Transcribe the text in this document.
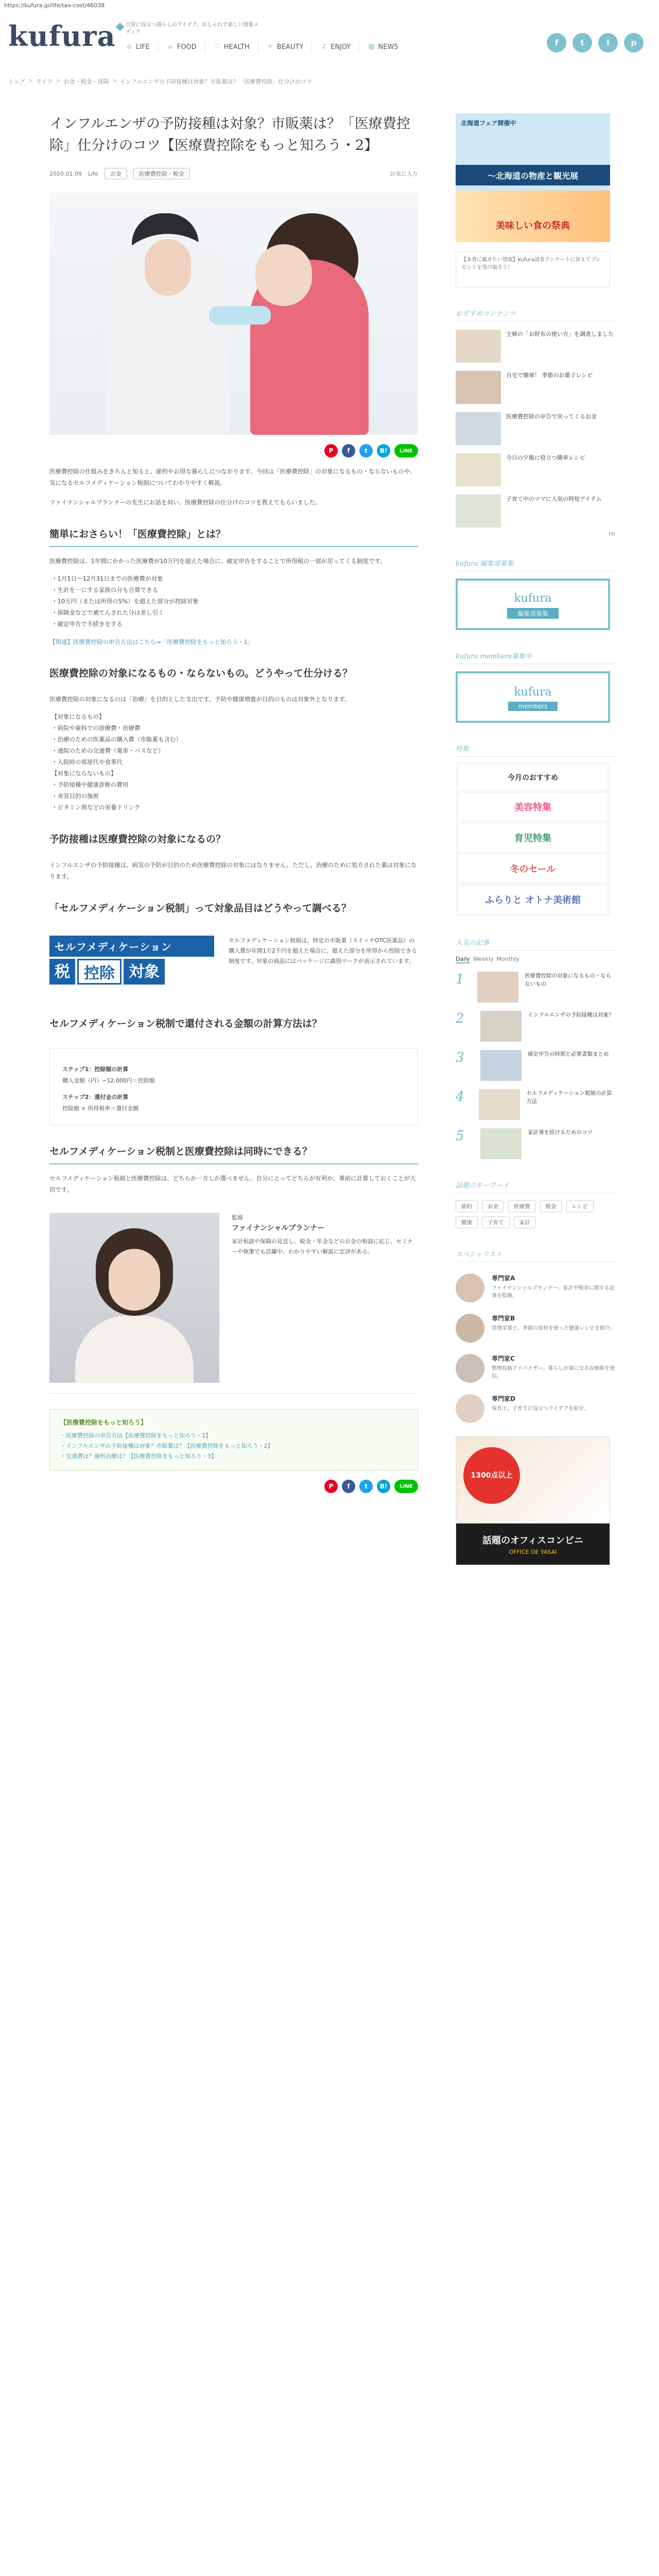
https://kufura.jp/life/tax-cost/46038
kufura◆ 日常に役立つ暮らしのアイデア、おしゃれで楽しい情報メディア
⌂ LIFE	☕ FOOD	♡ HEALTH	✧ BEAUTY	♪ ENJOY	▤ NEWS	f	t	i	p
トップ > ライフ > お金・税金・保険 > インフルエンザの予防接種は対象？市販薬は？「医療費控除」仕分けのコツ
インフルエンザの予防接種は対象？市販薬は？「医療費控除」仕分けのコツ【医療費控除をもっと知ろう・2】
2020.01.09 Life	お金	医療費控除・税金	お気に入り
P	f	t	B!	LINE

医療費控除の仕組みをきちんと知ると、節約やお得な暮らしにつながります。今回は「医療費控除」の対象になるもの・ならないものや、気になるセルフメディケーション税制についてわかりやすく解説。

ファイナンシャルプランナーの先生にお話を伺い、医療費控除の仕分けのコツを教えてもらいました。

簡単におさらい！「医療費控除」とは？

医療費控除は、1年間にかかった医療費が10万円を超えた場合に、確定申告をすることで所得税の一部が戻ってくる制度です。

・1月1日〜12月31日までの医療費が対象
・生計を一にする家族の分も合算できる
・10万円（または所得の5%）を超えた部分が控除対象
・保険金などで補てんされた分は差し引く
・確定申告で手続きをする
【関連】医療費控除の申告方法はこちら→「医療費控除をもっと知ろう・1」
医療費控除の対象になるもの・ならないもの。どうやって仕分ける？

医療費控除の対象になるのは「治療」を目的とした支出です。予防や健康増進が目的のものは対象外となります。

【対象になるもの】
・病院や歯科での診療費・治療費
・治療のための医薬品の購入費（市販薬も含む）
・通院のための交通費（電車・バスなど）
・入院時の部屋代や食事代
【対象にならないもの】
・予防接種や健康診断の費用
・美容目的の施術
・ビタミン剤などの栄養ドリンク
予防接種は医療費控除の対象になるの？

インフルエンザの予防接種は、病気の予防が目的のため医療費控除の対象にはなりません。ただし、治療のために処方された薬は対象になります。

「セルフメディケーション税制」って対象品目はどうやって調べる？
セルフメディケーション
税 控除 対象
セルフメディケーション税制は、特定の市販薬（スイッチOTC医薬品）の購入費が年間1万2千円を超えた場合に、超えた部分を所得から控除できる制度です。対象の商品にはパッケージに識別マークが表示されています。
セルフメディケーション税制で還付される金額の計算方法は？
ステップ1：控除額の計算
購入金額（円）−12,000円＝控除額
ステップ2：還付金の計算
控除額 × 所得税率＝還付金額
セルフメディケーション税制と医療費控除は同時にできる？

セルフメディケーション税制と医療費控除は、どちらか一方しか選べません。自分にとってどちらが有利か、事前に計算しておくことが大切です。

監修
ファイナンシャルプランナー
家計相談や保険の見直し、税金・年金などのお金の相談に応じ、セミナーや執筆でも活躍中。わかりやすい解説に定評がある。
【医療費控除をもっと知ろう】
・医療費控除の申告方法【医療費控除をもっと知ろう・1】
・インフルエンザの予防接種は対象？市販薬は？【医療費控除をもっと知ろう・2】
・交通費は？歯科治療は？【医療費控除をもっと知ろう・3】
P	f	t	B!	LINE
北海道フェア開催中
〜北海道の物産と観光展
美味しい食の祭典
【本書に載せたい情報】kufura読者アンケートに答えてプレゼントを受け取ろう！
おすすめコンテンツ
主婦の「お財布の使い方」を調査しました
自宅で簡単！ 季節のお菓子レシピ
医療費控除の申告で戻ってくるお金
今日の夕飯に役立つ簡単レシピ
子育て中のママに人気の時短アイテム
PR
kufura 編集部募集
kufura
編集部募集
kufura members募集中
kufura
members
特集
今月のおすすめ
美容特集
育児特集
冬のセール
ふらりと オトナ美術館
人気の記事
Daily Weekly Monthly
1	医療費控除の対象になるもの・ならないもの
2	インフルエンザの予防接種は対象？
3	確定申告の時期と必要書類まとめ
4	セルフメディケーション税制の計算方法
5	家計簿を続けるためのコツ
話題のキーワード
節約	お金	医療費	税金	レシピ
健康	子育て	家計
スペシャリスト
専門家A
ファイナンシャルプランナー。家計や税金に関する記事を監修。
専門家B
管理栄養士。季節の食材を使った健康レシピを紹介。
専門家C
整理収納アドバイザー。暮らしが楽になる収納術を発信。
専門家D
保育士。子育てに役立つアイデアを紹介。
1300点以上
話題のオフィスコンビニ
OFFICE DE YASAI
